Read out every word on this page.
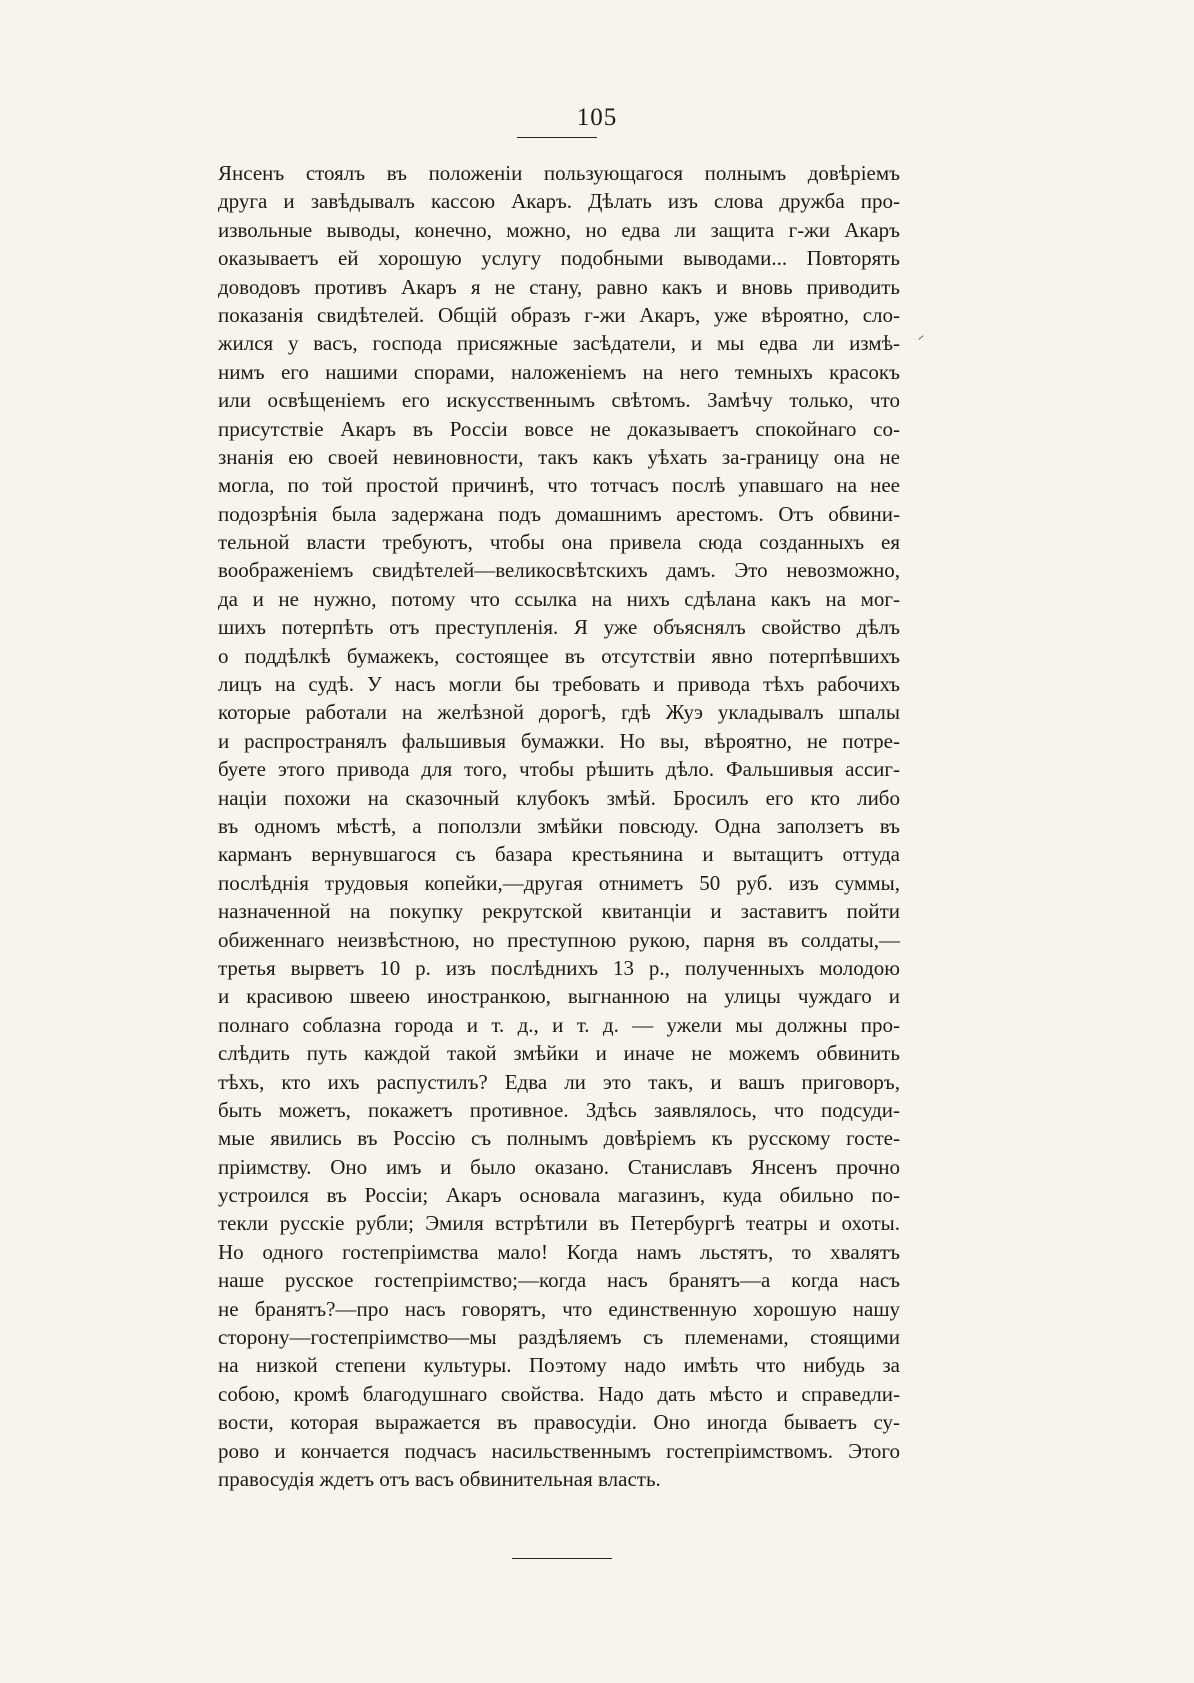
105
Янсенъ стоялъ въ положеніи пользующагося полнымъ довѣріемъ
друга и завѣдывалъ кассою Акаръ. Дѣлать изъ слова дружба про-
извольные выводы, конечно, можно, но едва ли защита г-жи Акаръ
оказываетъ ей хорошую услугу подобными выводами... Повторять
доводовъ противъ Акаръ я не стану, равно какъ и вновь приводить
показанія свидѣтелей. Общій образъ г-жи Акаръ, уже вѣроятно, сло-
жился у васъ, господа присяжные засѣдатели, и мы едва ли измѣ-
нимъ его нашими спорами, наложеніемъ на него темныхъ красокъ
или освѣщеніемъ его искусственнымъ свѣтомъ. Замѣчу только, что
присутствіе Акаръ въ Россіи вовсе не доказываетъ спокойнаго со-
знанія ею своей невиновности, такъ какъ уѣхать за-границу она не
могла, по той простой причинѣ, что тотчасъ послѣ упавшаго на нее
подозрѣнія была задержана подъ домашнимъ арестомъ. Отъ обвини-
тельной власти требуютъ, чтобы она привела сюда созданныхъ ея
воображеніемъ свидѣтелей—великосвѣтскихъ дамъ. Это невозможно,
да и не нужно, потому что ссылка на нихъ сдѣлана какъ на мог-
шихъ потерпѣть отъ преступленія. Я уже объяснялъ свойство дѣлъ
о поддѣлкѣ бумажекъ, состоящее въ отсутствіи явно потерпѣвшихъ
лицъ на судѣ. У насъ могли бы требовать и привода тѣхъ рабочихъ
которые работали на желѣзной дорогѣ, гдѣ Жуэ укладывалъ шпалы
и распространялъ фальшивыя бумажки. Но вы, вѣроятно, не потре-
буете этого привода для того, чтобы рѣшить дѣло. Фальшивыя ассиг-
націи похожи на сказочный клубокъ змѣй. Бросилъ его кто либо
въ одномъ мѣстѣ, а поползли змѣйки повсюду. Одна заползетъ въ
карманъ вернувшагося съ базара крестьянина и вытащитъ оттуда
послѣднія трудовыя копейки,—другая отниметъ 50 руб. изъ суммы,
назначенной на покупку рекрутской квитанціи и заставитъ пойти
обиженнаго неизвѣстною, но преступною рукою, парня въ солдаты,—
третья вырветъ 10 р. изъ послѣднихъ 13 р., полученныхъ молодою
и красивою швеею иностранкою, выгнанною на улицы чуждаго и
полнаго соблазна города и т. д., и т. д. — ужели мы должны про-
слѣдить путь каждой такой змѣйки и иначе не можемъ обвинить
тѣхъ, кто ихъ распустилъ? Едва ли это такъ, и вашъ приговоръ,
быть можетъ, покажетъ противное. Здѣсь заявлялось, что подсуди-
мые явились въ Россію съ полнымъ довѣріемъ къ русскому госте-
пріимству. Оно имъ и было оказано. Станиславъ Янсенъ прочно
устроился въ Россіи; Акаръ основала магазинъ, куда обильно по-
текли русскіе рубли; Эмиля встрѣтили въ Петербургѣ театры и охоты.
Но одного гостепріимства мало! Когда намъ льстятъ, то хвалятъ
наше русское гостепріимство;—когда насъ бранятъ—а когда насъ
не бранятъ?—про насъ говорятъ, что единственную хорошую нашу
сторону—гостепріимство—мы раздѣляемъ съ племенами, стоящими
на низкой степени культуры. Поэтому надо имѣть что нибудь за
собою, кромѣ благодушнаго свойства. Надо дать мѣсто и справедли-
вости, которая выражается въ правосудіи. Оно иногда бываетъ су-
рово и кончается подчасъ насильственнымъ гостепріимствомъ. Этого
правосудія ждетъ отъ васъ обвинительная власть.
